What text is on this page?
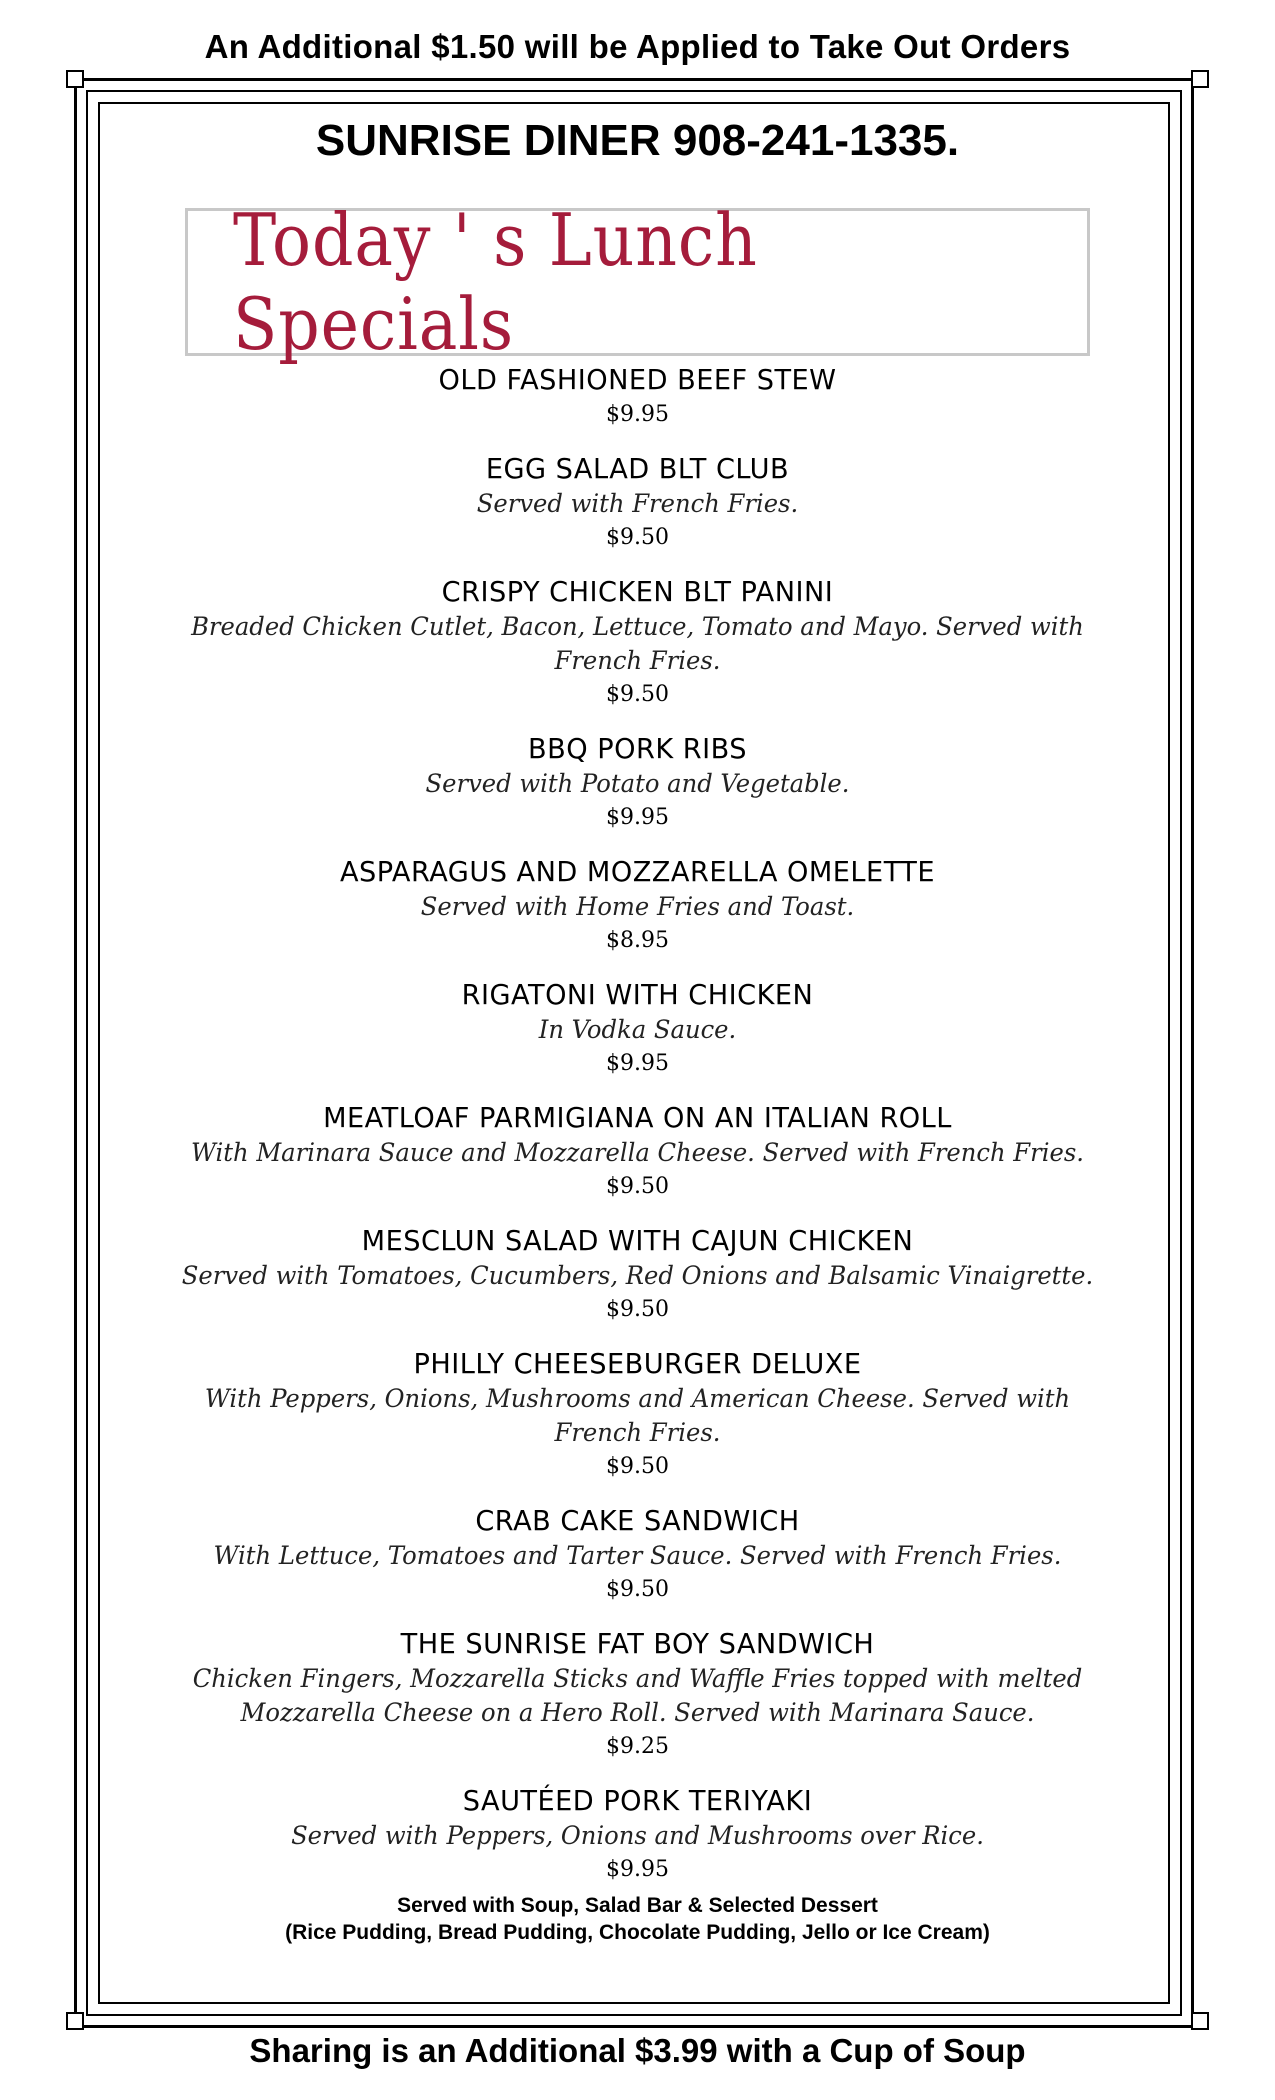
An Additional $1.50 will be Applied to Take Out Orders
SUNRISE DINER 908-241-1335.
Today ' s Lunch Specials
OLD FASHIONED BEEF STEW
$9.95
EGG SALAD BLT CLUB
Served with French Fries.
$9.50
CRISPY CHICKEN BLT PANINI
Breaded Chicken Cutlet, Bacon, Lettuce, Tomato and Mayo. Served with French Fries.
$9.50
BBQ PORK RIBS
Served with Potato and Vegetable.
$9.95
ASPARAGUS AND MOZZARELLA OMELETTE
Served with Home Fries and Toast.
$8.95
RIGATONI WITH CHICKEN
In Vodka Sauce.
$9.95
MEATLOAF PARMIGIANA ON AN ITALIAN ROLL
With Marinara Sauce and Mozzarella Cheese. Served with French Fries.
$9.50
MESCLUN SALAD WITH CAJUN CHICKEN
Served with Tomatoes, Cucumbers, Red Onions and Balsamic Vinaigrette.
$9.50
PHILLY CHEESEBURGER DELUXE
With Peppers, Onions, Mushrooms and American Cheese. Served with French Fries.
$9.50
CRAB CAKE SANDWICH
With Lettuce, Tomatoes and Tarter Sauce. Served with French Fries.
$9.50
THE SUNRISE FAT BOY SANDWICH
Chicken Fingers, Mozzarella Sticks and Waffle Fries topped with melted Mozzarella Cheese on a Hero Roll. Served with Marinara Sauce.
$9.25
SAUTÉED PORK TERIYAKI
Served with Peppers, Onions and Mushrooms over Rice.
$9.95
Served with Soup, Salad Bar & Selected Dessert
(Rice Pudding, Bread Pudding, Chocolate Pudding, Jello or Ice Cream)
Sharing is an Additional $3.99 with a Cup of Soup
